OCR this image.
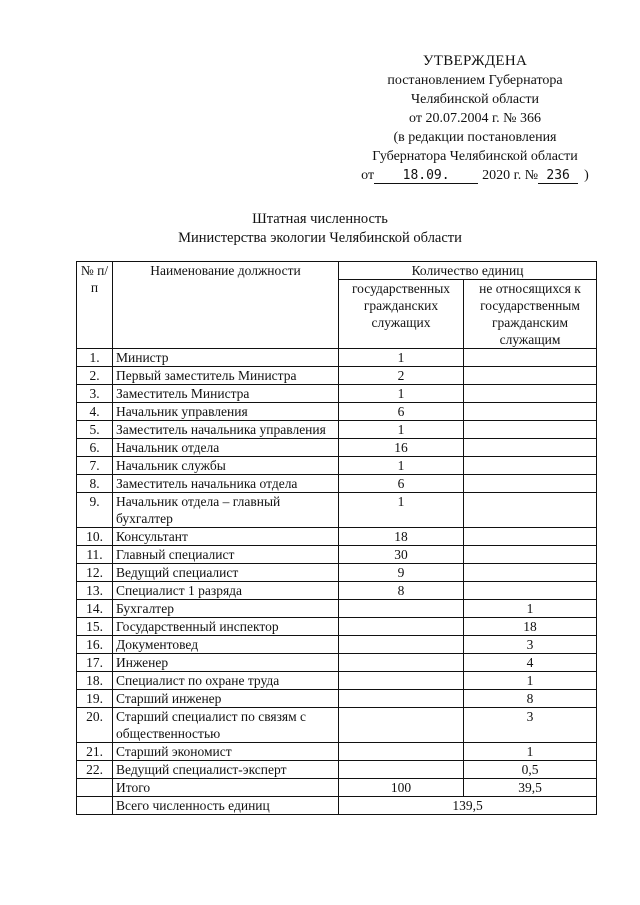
УТВЕРЖДЕНА
постановлением Губернатора
Челябинской области
от 20.07.2004 г. № 366
(в редакции постановления
Губернатора Челябинской области
от	18.09.	2020 г. № 236	)
Штатная численность
Министерства экологии Челябинской области
№ п/п	Наименование должности	Количество единиц	
		государственных гражданских служащих	не относящихся к государственным гражданским служащим
1.	Министр	1	
2.	Первый заместитель Министра	2	
3.	Заместитель Министра	1	
4.	Начальник управления	6	
5.	Заместитель начальника управления	1	
6.	Начальник отдела	16	
7.	Начальник службы	1	
8.	Заместитель начальника отдела	6	
9.	Начальник отдела – главный бухгалтер	1	
10.	Консультант	18	
11.	Главный специалист	30	
12.	Ведущий специалист	9	
13.	Специалист 1 разряда	8	
14.	Бухгалтер		1
15.	Государственный инспектор		18
16.	Документовед		3
17.	Инженер		4
18.	Специалист по охране труда		1
19.	Старший инженер		8
20.	Старший специалист по связям с общественностью		3
21.	Старший экономист		1
22.	Ведущий специалист-эксперт		0,5
	Итого	100	39,5
	Всего численность единиц	139,5	
